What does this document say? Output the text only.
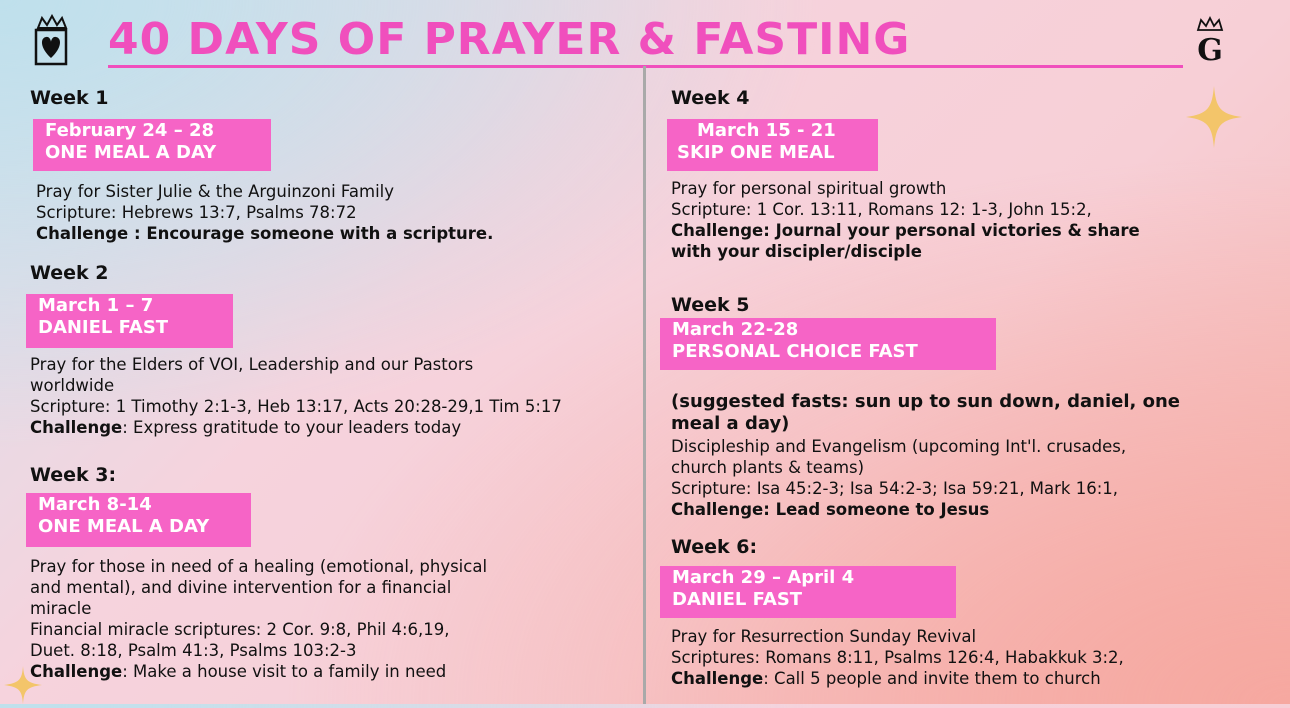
40 DAYS OF PRAYER & FASTING	G
Week 1
February 24 – 28
ONE MEAL A DAY
Pray for Sister Julie & the Arguinzoni Family
Scripture: Hebrews 13:7, Psalms 78:72
Challenge : Encourage someone with a scripture.
Week 2
March 1 – 7
DANIEL FAST
Pray for the Elders of VOI, Leadership and our Pastors
worldwide
Scripture: 1 Timothy 2:1-3, Heb 13:17, Acts 20:28-29,1 Tim 5:17
Challenge: Express gratitude to your leaders today
Week 3:
March 8-14
ONE MEAL A DAY
Pray for those in need of a healing (emotional, physical
and mental), and divine intervention for a financial
miracle
Financial miracle scriptures: 2 Cor. 9:8, Phil 4:6,19,
Duet. 8:18, Psalm 41:3, Psalms 103:2-3
Challenge: Make a house visit to a family in need
Week 4
March 15 - 21
SKIP ONE MEAL
Pray for personal spiritual growth
Scripture: 1 Cor. 13:11, Romans 12: 1-3, John 15:2,
Challenge: Journal your personal victories & share
with your discipler/disciple
Week 5
March 22-28
PERSONAL CHOICE FAST
(suggested fasts: sun up to sun down, daniel, one
meal a day)
Discipleship and Evangelism (upcoming Int'l. crusades,
church plants & teams)
Scripture: Isa 45:2-3; Isa 54:2-3; Isa 59:21, Mark 16:1,
Challenge: Lead someone to Jesus
Week 6:
March 29 – April 4
DANIEL FAST
Pray for Resurrection Sunday Revival
Scriptures: Romans 8:11, Psalms 126:4, Habakkuk 3:2,
Challenge: Call 5 people and invite them to church
